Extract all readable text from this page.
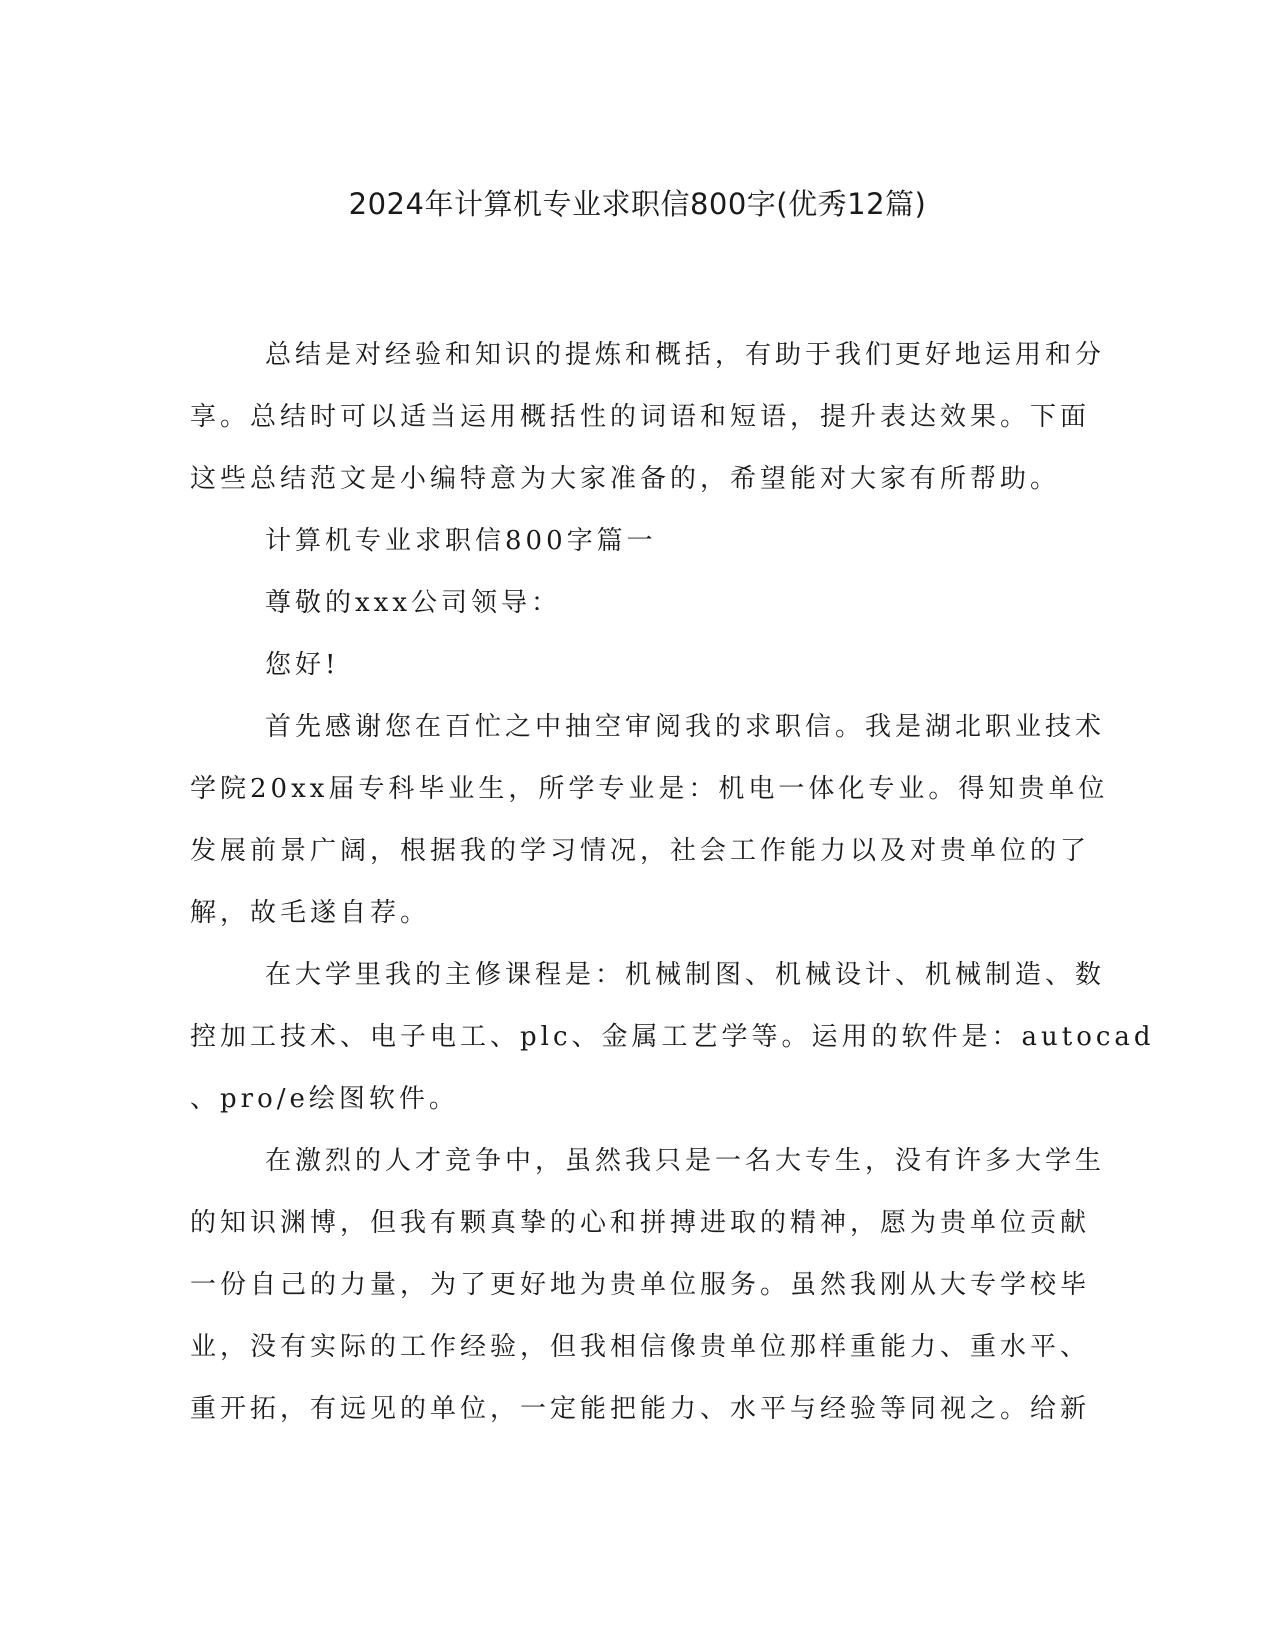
2024年计算机专业求职信800字(优秀12篇)
总结是对经验和知识的提炼和概括，有助于我们更好地运用和分
享。总结时可以适当运用概括性的词语和短语，提升表达效果。下面
这些总结范文是小编特意为大家准备的，希望能对大家有所帮助。
计算机专业求职信800字篇一
尊敬的xxx公司领导：
您好!
首先感谢您在百忙之中抽空审阅我的求职信。我是湖北职业技术
学院20xx届专科毕业生，所学专业是：机电一体化专业。得知贵单位
发展前景广阔，根据我的学习情况，社会工作能力以及对贵单位的了
解，故毛遂自荐。
在大学里我的主修课程是：机械制图、机械设计、机械制造、数
控加工技术、电子电工、plc、金属工艺学等。运用的软件是：autocad
、pro/e绘图软件。
在激烈的人才竞争中，虽然我只是一名大专生，没有许多大学生
的知识渊博，但我有颗真挚的心和拼搏进取的精神，愿为贵单位贡献
一份自己的力量，为了更好地为贵单位服务。虽然我刚从大专学校毕
业，没有实际的工作经验，但我相信像贵单位那样重能力、重水平、
重开拓，有远见的单位，一定能把能力、水平与经验等同视之。给新
